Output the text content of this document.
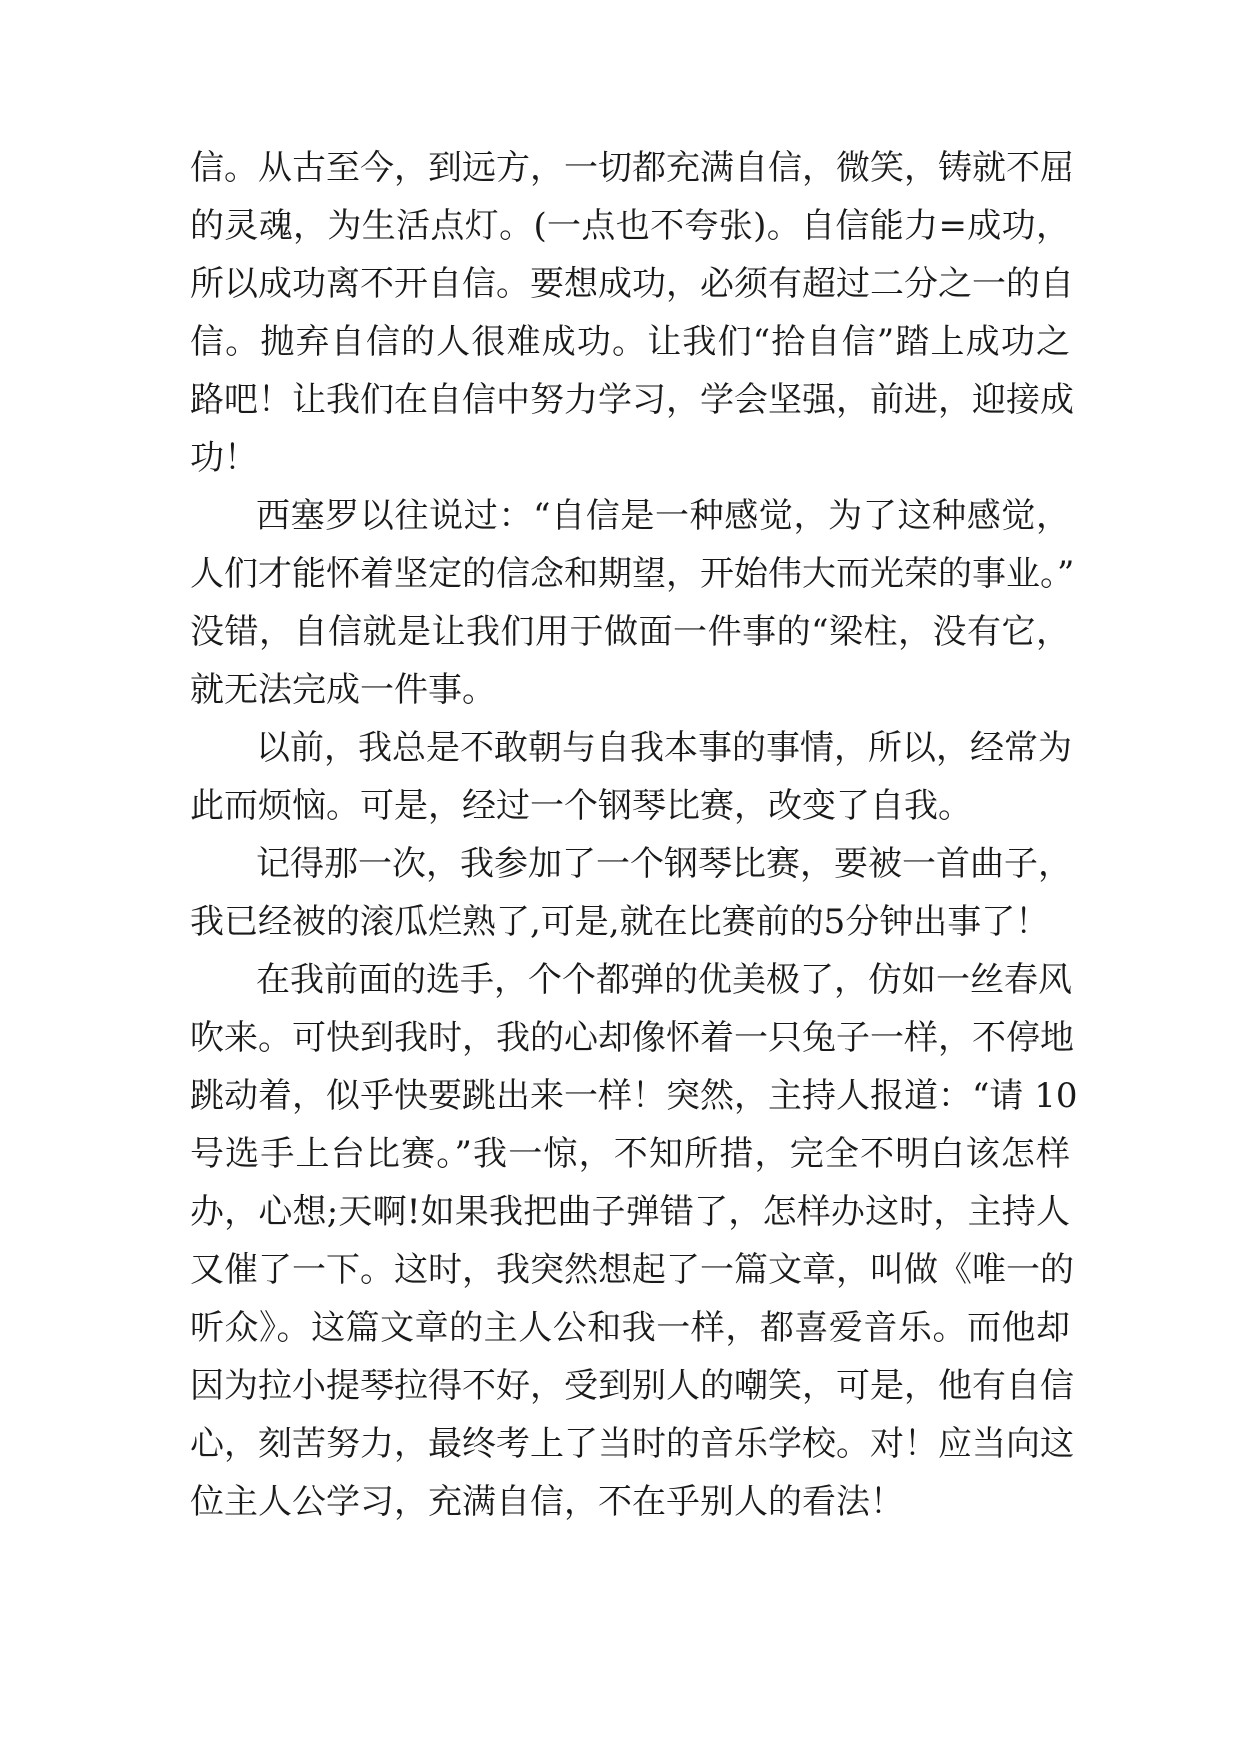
信。从古至今，到远方，一切都充满自信，微笑，铸就不屈

的灵魂，为生活点灯。(一点也不夸张)。自信能力=成功，

所以成功离不开自信。要想成功，必须有超过二分之一的自

信。抛弃自信的人很难成功。让我们“拾自信”踏上成功之

路吧！让我们在自信中努力学习，学会坚强，前进，迎接成

功！

西塞罗以往说过：“自信是一种感觉，为了这种感觉，

人们才能怀着坚定的信念和期望，开始伟大而光荣的事业。”

没错，自信就是让我们用于做面一件事的“梁柱，没有它，

就无法完成一件事。

以前，我总是不敢朝与自我本事的事情，所以，经常为

此而烦恼。可是，经过一个钢琴比赛，改变了自我。

记得那一次，我参加了一个钢琴比赛，要被一首曲子，

我已经被的滚瓜烂熟了,可是,就在比赛前的5分钟出事了！

在我前面的选手，个个都弹的优美极了，仿如一丝春风

吹来。可快到我时，我的心却像怀着一只兔子一样，不停地

跳动着，似乎快要跳出来一样！突然，主持人报道：“请 10

号选手上台比赛。”我一惊，不知所措，完全不明白该怎样

办，心想;天啊!如果我把曲子弹错了，怎样办这时，主持人

又催了一下。这时，我突然想起了一篇文章，叫做《唯一的

听众》。这篇文章的主人公和我一样，都喜爱音乐。而他却

因为拉小提琴拉得不好，受到别人的嘲笑，可是，他有自信

心，刻苦努力，最终考上了当时的音乐学校。对！应当向这

位主人公学习，充满自信，不在乎别人的看法！
